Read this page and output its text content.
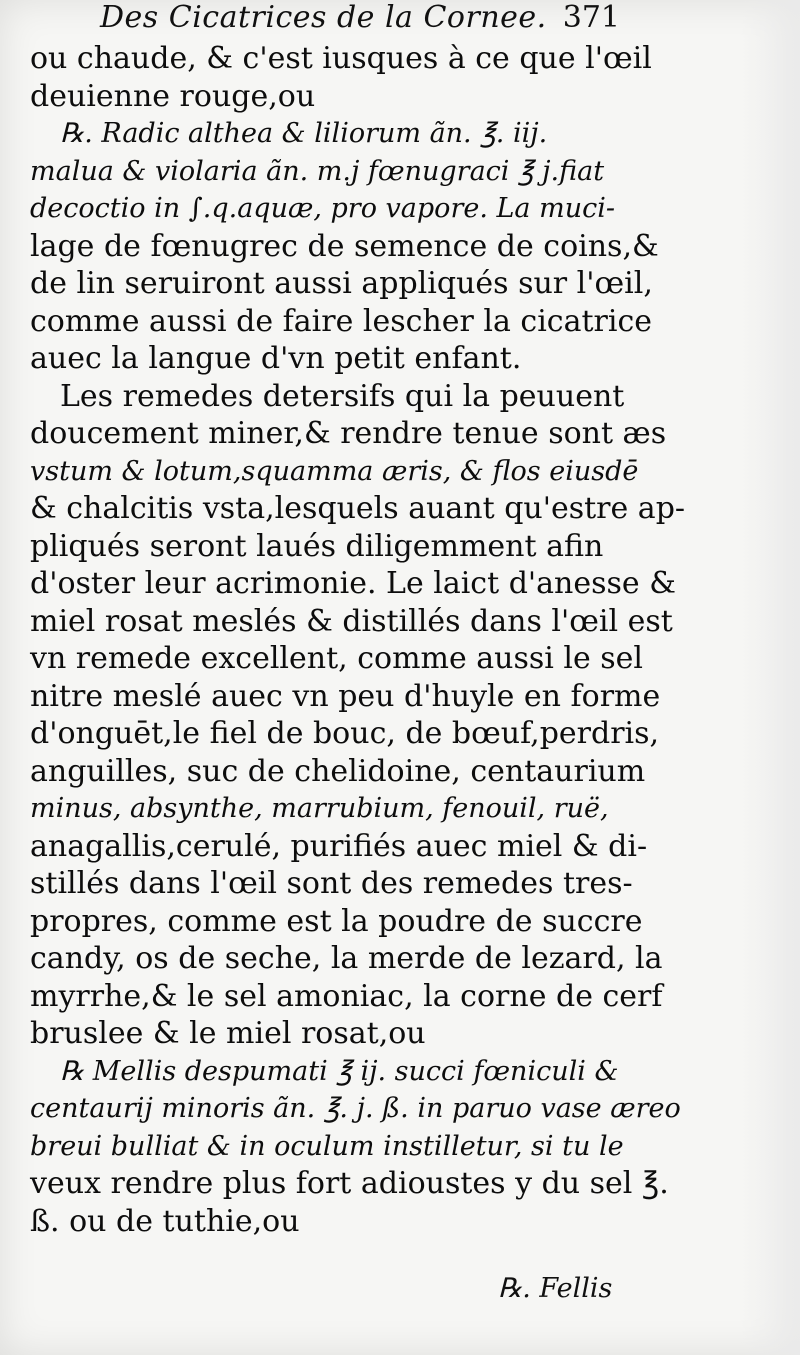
Des Cicatrices de la Cornee. 371
ou chaude, & c'est iusques à ce que l'œil
deuienne rouge,ou
℞. Radic althea & liliorum ãn. ℥. iij.
malua & violaria ãn. m.j fœnugraci ℥ j.fiat
decoctio in ∫.q.aquæ, pro vapore. La muci-
lage de fœnugrec de semence de coins,&
de lin seruiront aussi appliqués sur l'œil,
comme aussi de faire lescher la cicatrice
auec la langue d'vn petit enfant.
Les remedes detersifs qui la peuuent
doucement miner,& rendre tenue sont æs
vstum & lotum,squamma æris, & flos eiusdē
& chalcitis vsta,lesquels auant qu'estre ap-
pliqués seront laués diligemment afin
d'oster leur acrimonie. Le laict d'anesse &
miel rosat meslés & distillés dans l'œil est
vn remede excellent, comme aussi le sel
nitre meslé auec vn peu d'huyle en forme
d'onguēt,le fiel de bouc, de bœuf,perdris,
anguilles, suc de chelidoine, centaurium
minus, absynthe, marrubium, fenouil, ruë,
anagallis,cerulé, purifiés auec miel & di-
stillés dans l'œil sont des remedes tres-
propres, comme est la poudre de succre
candy, os de seche, la merde de lezard, la
myrrhe,& le sel amoniac, la corne de cerf
bruslee & le miel rosat,ou
℞ Mellis despumati ℥ ij. succi fœniculi &
centaurij minoris ãn. ℥. j. ß. in paruo vase æreo
breui bulliat & in oculum instilletur, si tu le
veux rendre plus fort adioustes y du sel ℥.
ß. ou de tuthie,ou
℞. Fellis
